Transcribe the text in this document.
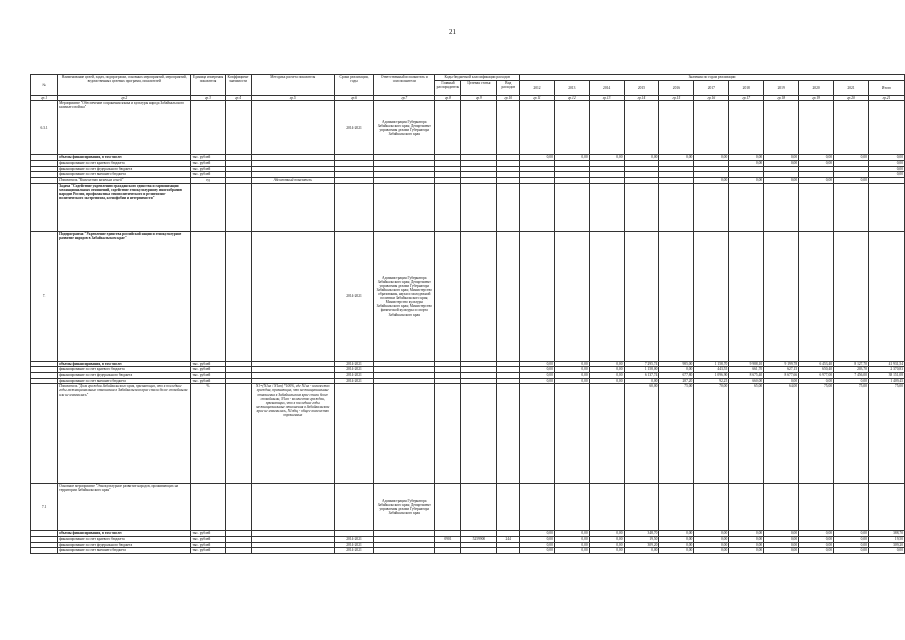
21
№	Наименование целей, задач, подпрограмм, основных мероприятий, мероприятий, ведомственных целевых программ, показателей	Единица измерения показателя	Коэффициент значимости	Методика расчета показателя	Сроки реализации, годы	Ответственный исполнитель и соисполнители	Коды бюджетной классификации расходов			Значения по годам реализации										
							Главный распорядитель	Целевая статья	Вид расходов	2012	2013	2014	2015	2016	2017	2018	2019	2020	2021	Итого

гр.1	гр.2	гр.3	гр.4	гр.5	гр.6	гр.7	гр.8	гр.9	гр.10	гр.11	гр.12	гр.13	гр.14	гр.15	гр.16	гр.17	гр.18	гр.19	гр.20	гр.21
6.3.1	Мероприятие "Обеспечение сохранения языка и культуры народа Забайкальского казачьего войска"				2014-2021	Администрация Губернатора Забайкальского края; Департамент управления делами Губернатора Забайкальского края														
	объемы финансирования, в том числе:	тыс. рублей								0,00	0,00	0,00	0,00	0,00	0,00	0,00	0,00	0,00	0,00	0,00
	финансирование за счет краевого бюджета	тыс. рублей														0,00	0,00	0,00		0,00
	финансирование за счет федерального бюджета	тыс. рублей																		0,00
	финансирование за счет внешнего бюджета	тыс. рублей																		0,00
	Показатель "Количество казачьих семей"	ед		Абсолютный показатель											0,00	0,00	0,00	0,00	0,00	
	Задача "Содействие укреплению гражданского единства и гармонизации межнациональных отношений, содействие этнокультурному многообразию народов России, профилактика этнополитического и религиозно-политического экстремизма, ксенофобии и нетерпимости"																			
7.	Подпрограмма "Укрепление единства российской нации и этнокультурное развитие народов в Забайкальском крае"				2014-2021	Администрация Губернатора Забайкальского края; Департамент управления делами Губернатора Забайкальского края; Министерство образования, науки и молодежной политики Забайкальского края; Министерство культуры Забайкальского края; Министерство физической культуры и спорта Забайкальского края														
	объемы финансирования, в том числе:	тыс. рублей			2014-2021					0,00	0,00	0,00	7 295,74	985,00	1 158,70	9 988,10	9 199,78	6 453,40	8 127,70	41 931,54
	финансирование за счет краевого бюджета	тыс. рублей			2014-2021					0,00	0,00	0,00	1 158,00	0,00	443,55	661,70	627,15	650,40	203,70	2 370,83
	финансирование за счет федерального бюджета	тыс. рублей			2014-2021					0,00	0,00	0,00	6 137,74	677,80	1 096,90	8 675,40	8 677,66	6 977,00	7 456,00	38 151,08
	финансирование за счет внешнего бюджета	тыс. рублей			2014-2021					0,00	0,00	0,00	0,00	287,20	92,25	660,00	0,00	0,00	0,00	1 409,45
	Показатель "Доля граждан Забайкальского края, признающих, что в последние годы межнациональные отношения в Забайкальском крае стали более спокойными или не изменились"	%		N1=(N1ал / N1ап) *100%, где N1ал - количество граждан, признающих, что межнациональные отношения в Забайкальском крае стали более спокойными, N1ап - количество граждан, признающих, что в последние годы межнациональные отношения в Забайкальском крае не изменились, N1общ - общее количество опрошенных									60,00	75,00	70,00	65,00	64,00	75,00	75,00	75,00
7.1	Основное мероприятие "Этнокультурное развитие народов, проживающих на территории Забайкальского края"					Администрация Губернатора Забайкальского края; Департамент управления делами Губернатора Забайкальского края														
	объемы финансирования, в том числе:	тыс. рублей								0,00	0,00	0,00	348,70	0,00	0,00	0,00	0,00	0,00	0,00	388,70
	финансирование за счет краевого бюджета	тыс. рублей			2014-2021		0901	5259900	244	0,00	0,00	0,00	19,50	0,00	0,00	0,00	0,00	0,00	0,00	19,50
	финансирование за счет федерального бюджета	тыс. рублей			2014-2021					0,00	0,00	0,00	309,20	0,00	0,00	0,00	0,00	0,00	0,00	309,20
	финансирование за счет внешнего бюджета	тыс. рублей			2014-2021					0,00	0,00	0,00	0,00	0,00	0,00	0,00	0,00	0,00	0,00	0,00
